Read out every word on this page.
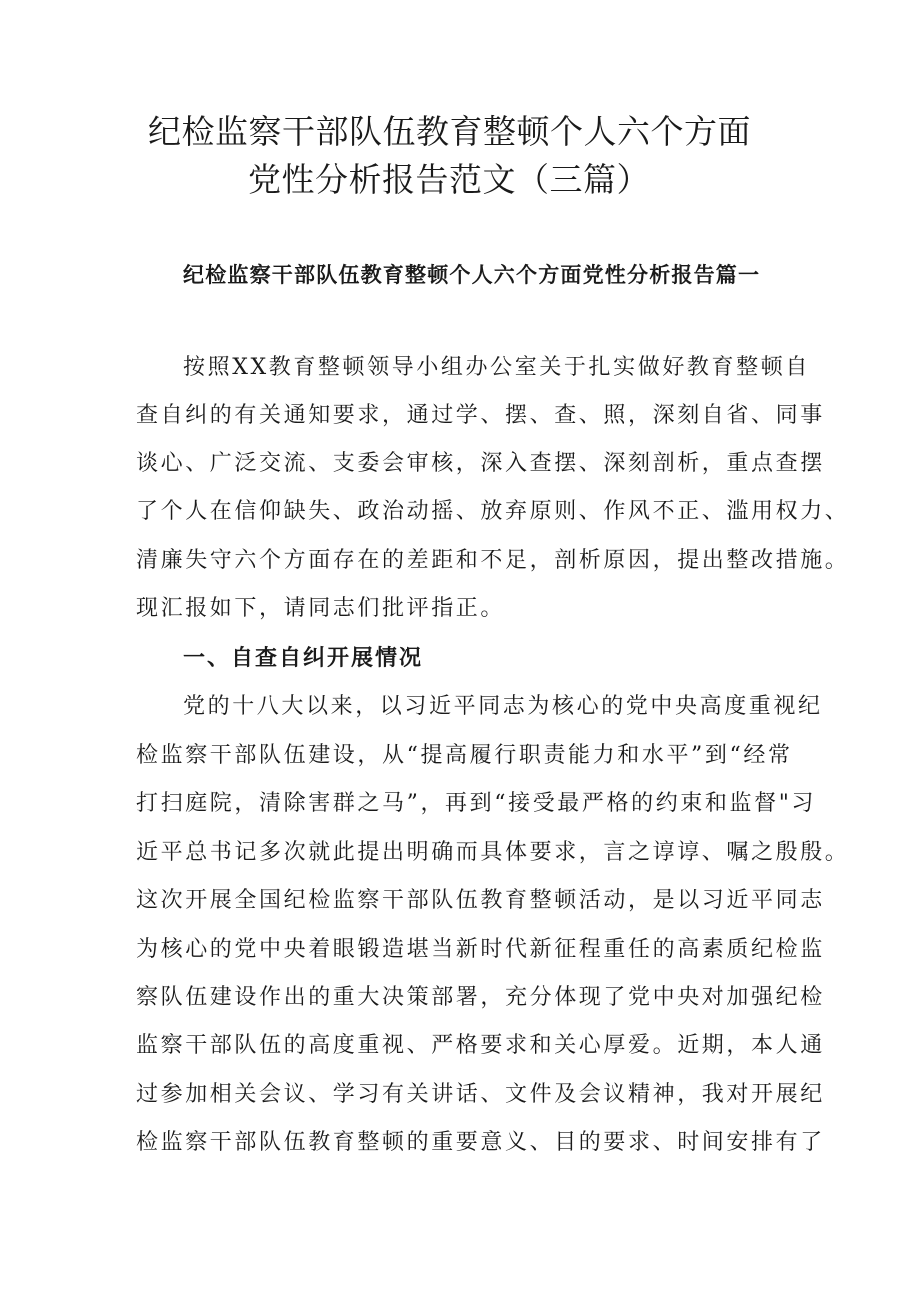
纪检监察干部队伍教育整顿个人六个方面
党性分析报告范文（三篇）
纪检监察干部队伍教育整顿个人六个方面党性分析报告篇一
按照XX教育整顿领导小组办公室关于扎实做好教育整顿自
查自纠的有关通知要求，通过学、摆、查、照，深刻自省、同事
谈心、广泛交流、支委会审核，深入查摆、深刻剖析，重点查摆
了个人在信仰缺失、政治动摇、放弃原则、作风不正、滥用权力、
清廉失守六个方面存在的差距和不足，剖析原因，提出整改措施。
现汇报如下，请同志们批评指正。
一、自查自纠开展情况
党的十八大以来，以习近平同志为核心的党中央高度重视纪
检监察干部队伍建设，从“提高履行职责能力和水平”到“经常
打扫庭院，清除害群之马”，再到“接受最严格的约束和监督"习
近平总书记多次就此提出明确而具体要求，言之谆谆、嘱之殷殷。
这次开展全国纪检监察干部队伍教育整顿活动，是以习近平同志
为核心的党中央着眼锻造堪当新时代新征程重任的高素质纪检监
察队伍建设作出的重大决策部署，充分体现了党中央对加强纪检
监察干部队伍的高度重视、严格要求和关心厚爱。近期，本人通
过参加相关会议、学习有关讲话、文件及会议精神，我对开展纪
检监察干部队伍教育整顿的重要意义、目的要求、时间安排有了
